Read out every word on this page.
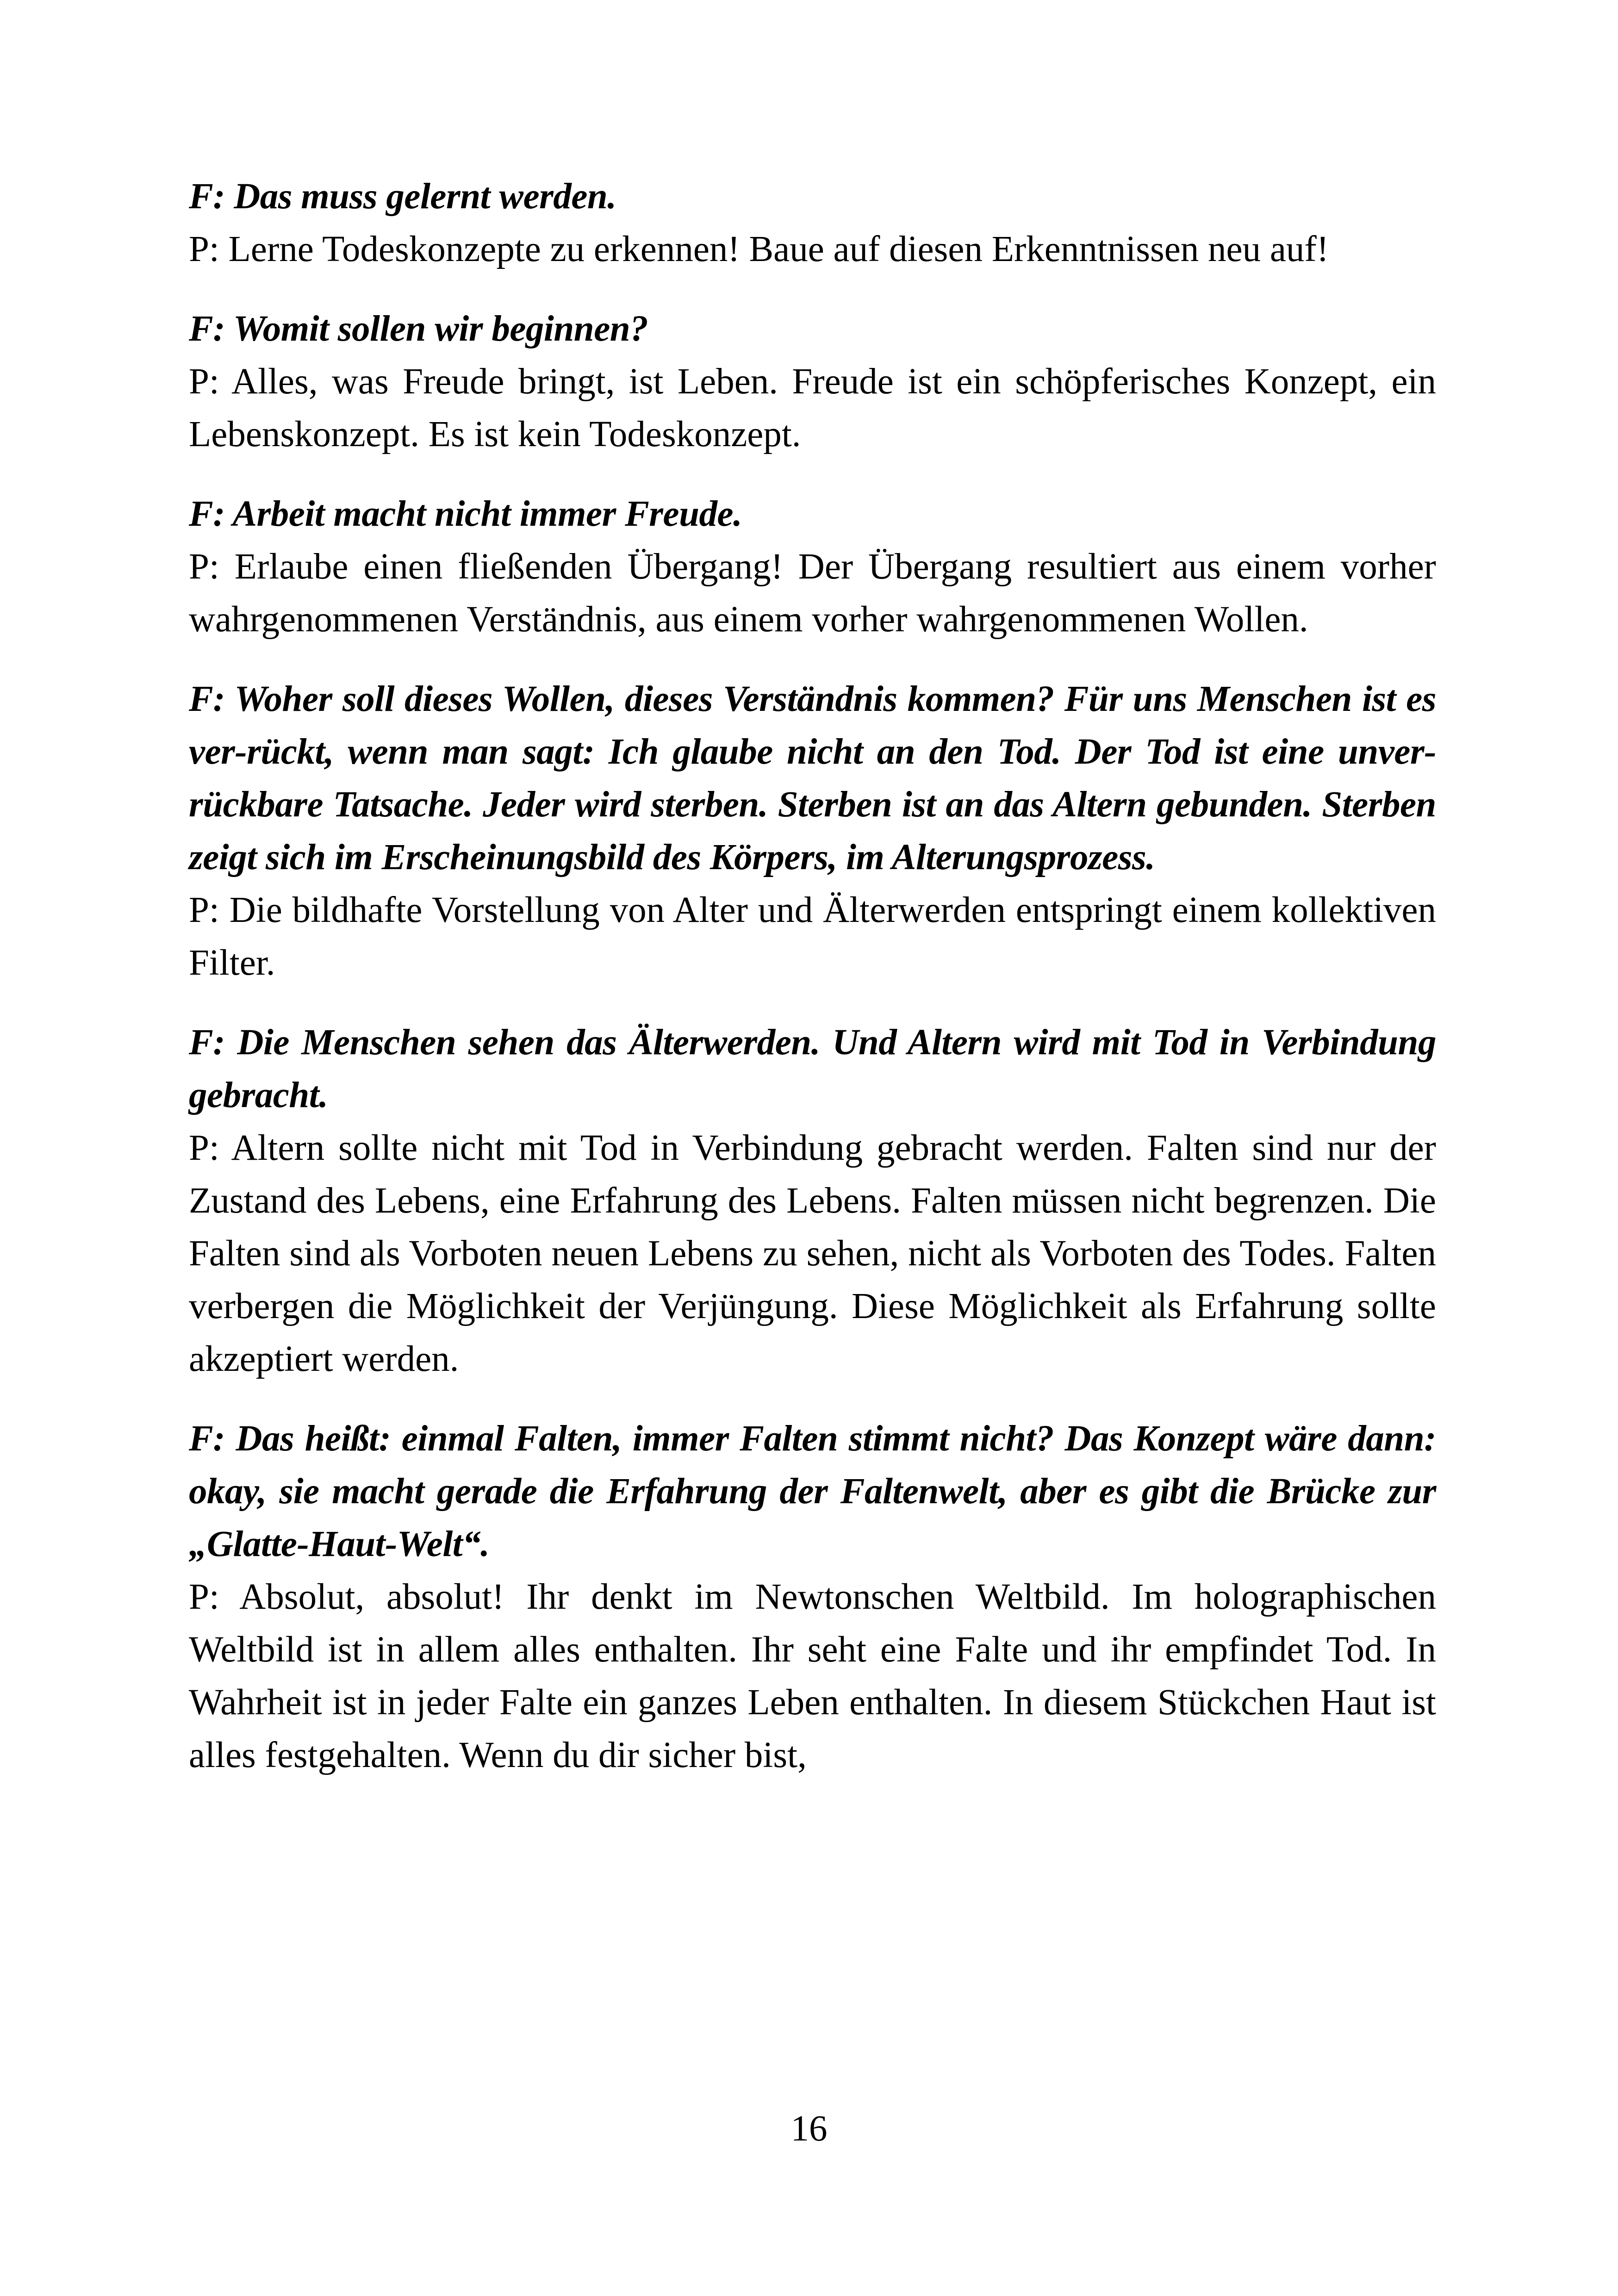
F: Das muss gelernt werden.

P: Lerne Todeskonzepte zu erkennen! Baue auf diesen Erkenntnissen neu auf!

F: Womit sollen wir beginnen?

P: Alles, was Freude bringt, ist Leben. Freude ist ein schöpferisches Konzept, ein Lebenskonzept. Es ist kein Todeskonzept.

F: Arbeit macht nicht immer Freude.

P: Erlaube einen fließenden Übergang! Der Übergang resultiert aus einem vorher wahrgenommenen Verständnis, aus einem vorher wahrgenommenen Wollen.

F: Woher soll dieses Wollen, dieses Verständnis kommen? Für uns Menschen ist es ver-rückt, wenn man sagt: Ich glaube nicht an den Tod. Der Tod ist eine unver-rückbare Tatsache. Jeder wird sterben. Sterben ist an das Altern gebunden. Sterben zeigt sich im Erscheinungsbild des Körpers, im Alterungsprozess.

P: Die bildhafte Vorstellung von Alter und Älterwerden entspringt einem kollektiven Filter.

F: Die Menschen sehen das Älterwerden. Und Altern wird mit Tod in Verbindung gebracht.

P: Altern sollte nicht mit Tod in Verbindung gebracht werden. Falten sind nur der Zustand des Lebens, eine Erfahrung des Lebens. Falten müssen nicht begrenzen. Die Falten sind als Vorboten neuen Lebens zu sehen, nicht als Vorboten des Todes. Falten verbergen die Möglichkeit der Verjüngung. Diese Möglichkeit als Erfahrung sollte akzeptiert werden.

F: Das heißt: einmal Falten, immer Falten stimmt nicht? Das Konzept wäre dann: okay, sie macht gerade die Erfahrung der Faltenwelt, aber es gibt die Brücke zur „Glatte-Haut-Welt“.

P: Absolut, absolut! Ihr denkt im Newtonschen Weltbild. Im holographischen Weltbild ist in allem alles enthalten. Ihr seht eine Falte und ihr empfindet Tod. In Wahrheit ist in jeder Falte ein ganzes Leben enthalten. In diesem Stückchen Haut ist alles festgehalten. Wenn du dir sicher bist,

16
